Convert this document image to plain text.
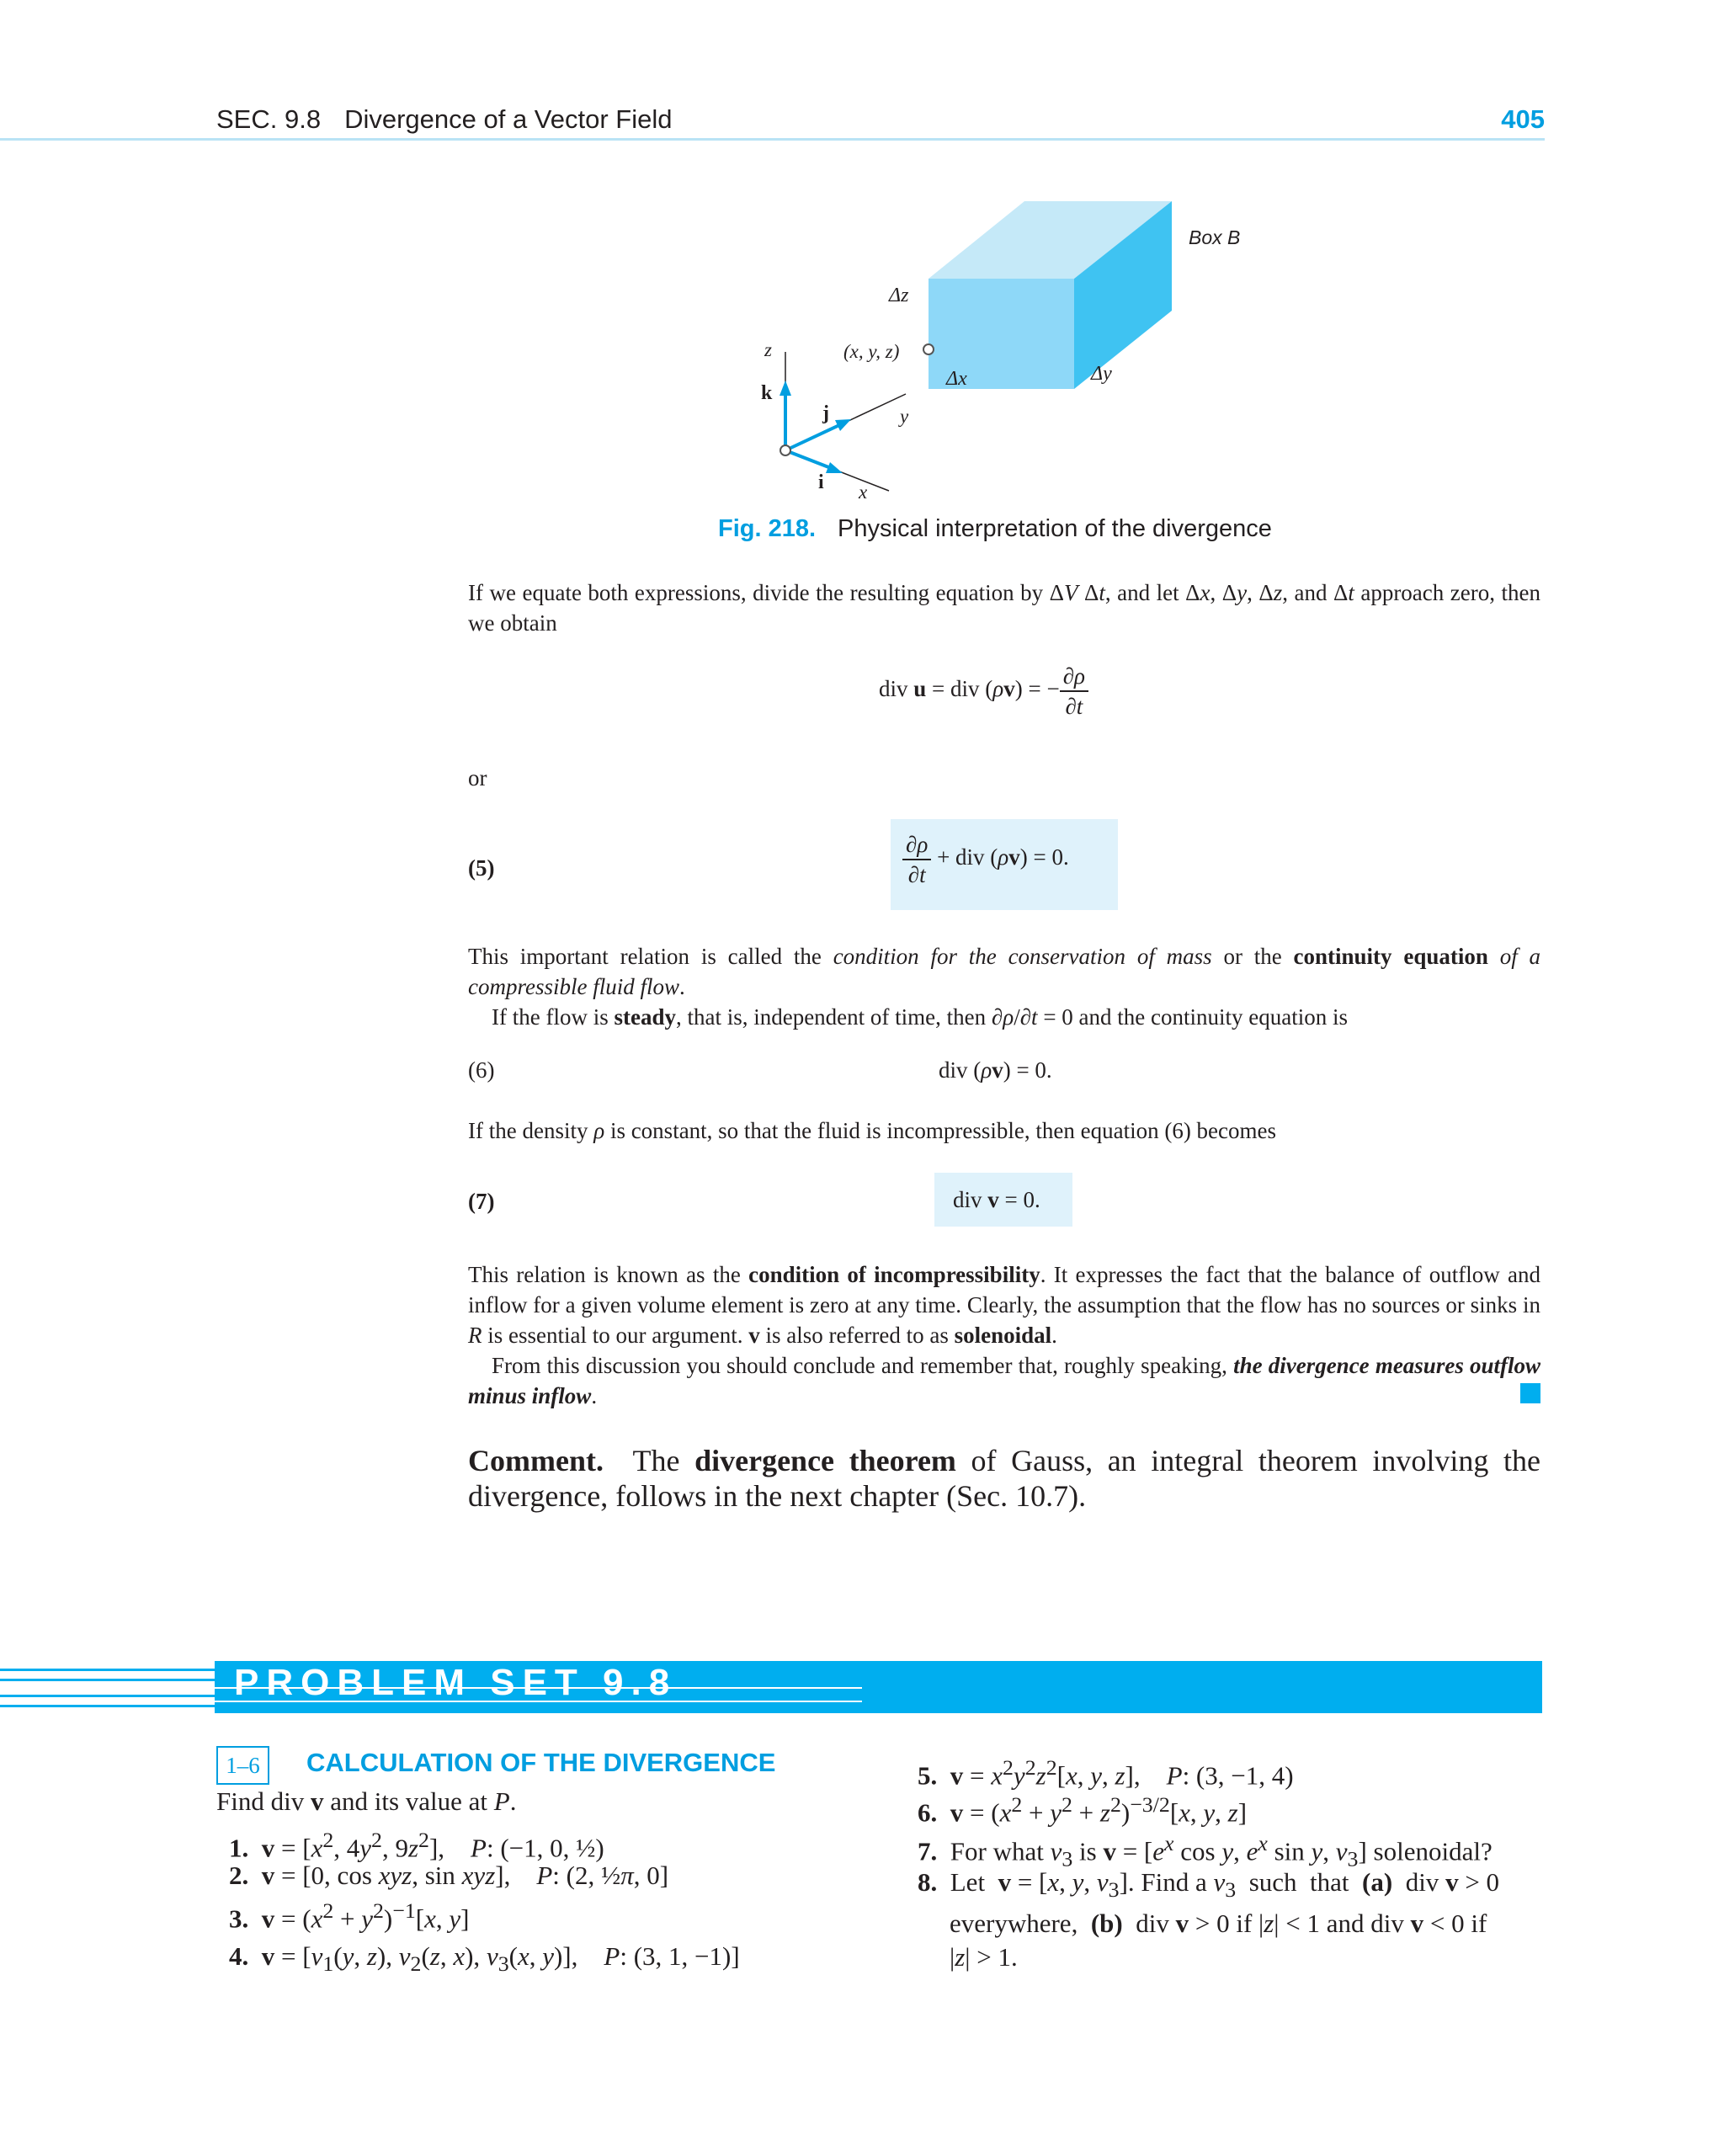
SEC. 9.8 Divergence of a Vector Field	405
Box B
Δz
(x, y, z)
Δx	Δy
z
k
j	y
i x
Fig. 218. Physical interpretation of the divergence
If we equate both expressions, divide the resulting equation by ΔV Δt, and let Δx, Δy, Δz, and Δt approach zero, then we obtain
div u = div (ρv) = − $\frac{\partial\rho}{\partial t}$
or
(5)	$\frac{\partial\rho}{\partial t}$ + div (ρv) = 0.
This important relation is called the condition for the conservation of mass or the continuity equation of a compressible fluid flow.
If the flow is steady, that is, independent of time, then ∂ρ/∂t = 0 and the continuity equation is
(6)	div (ρv) = 0.
If the density ρ is constant, so that the fluid is incompressible, then equation (6) becomes
(7)	div v = 0.
This relation is known as the condition of incompressibility. It expresses the fact that the balance of outflow and inflow for a given volume element is zero at any time. Clearly, the assumption that the flow has no sources or sinks in R is essential to our argument. v is also referred to as solenoidal.
From this discussion you should conclude and remember that, roughly speaking, the divergence measures outflow minus inflow.
Comment.  The divergence theorem of Gauss, an integral theorem involving the divergence, follows in the next chapter (Sec. 10.7).
PROBLEM SET 9.8
1–6	CALCULATION OF THE DIVERGENCE
Find div v and its value at P.
1. $v = [x^2$, $4y^2$, $9z^2$],    P: (−1, 0, ½)
2. v = [0, cos xyz, sin xyz],    P: (2, ½π, 0]
3. $v = (x^2 + y^2)^{-1}[x$, y]
4. $v = [v_1(y$, z), $v_2(z$, x), $v_3(x$, y)],    P: (3, 1, −1)]
5. $v = x^2y^2z^2[x$, y, z],    P: (3, −1, 4)
6. $v = (x^2 + y^2 + z^2)^{-3/2}[x$, y, z]
7.  For what $v_3$ is $v = [e^x$ cos y, $e^x$ sin y, $v_3$] solenoidal?
8.  Let  v = [x, y, $v_3$]. Find a $v_3$  such  that  (a)  div v > 0
everywhere,  (b)  div v > 0 if |z| < 1 and div v < 0 if
|z| > 1.
